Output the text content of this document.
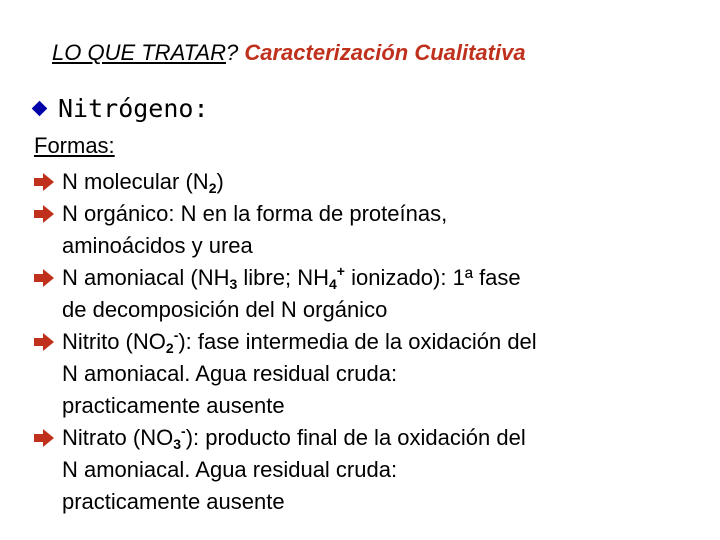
LO QUE TRATAR? Caracterización Cualitativa
Nitrógeno:
Formas:
N molecular $(N_2)$
N orgánico: N en la forma de proteínas,
aminoácidos y urea
N amoniacal ($NH_3$ libre; $NH_4^+$ ionizado): 1ª fase
de decomposición del N orgánico
Nitrito $(NO_2^-)$: fase intermedia de la oxidación del
N amoniacal. Agua residual cruda:
practicamente ausente
Nitrato $(NO_3^-)$: producto final de la oxidación del
N amoniacal. Agua residual cruda:
practicamente ausente
